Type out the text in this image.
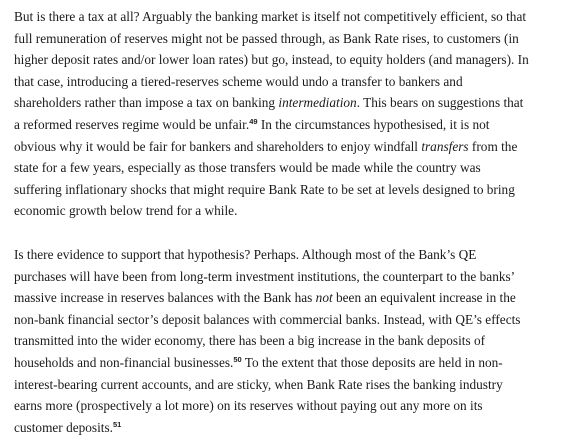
But is there a tax at all? Arguably the banking market is itself not competitively efficient, so that
full remuneration of reserves might not be passed through, as Bank Rate rises, to customers (in
higher deposit rates and/or lower loan rates) but go, instead, to equity holders (and managers). In
that case, introducing a tiered-reserves scheme would undo a transfer to bankers and
shareholders rather than impose a tax on banking intermediation. This bears on suggestions that
a reformed reserves regime would be unfair.$^{49}$ In the circumstances hypothesised, it is not
obvious why it would be fair for bankers and shareholders to enjoy windfall transfers from the
state for a few years, especially as those transfers would be made while the country was
suffering inflationary shocks that might require Bank Rate to be set at levels designed to bring
economic growth below trend for a while.

Is there evidence to support that hypothesis? Perhaps. Although most of the Bank’s QE
purchases will have been from long-term investment institutions, the counterpart to the banks’
massive increase in reserves balances with the Bank has not been an equivalent increase in the
non-bank financial sector’s deposit balances with commercial banks. Instead, with QE’s effects
transmitted into the wider economy, there has been a big increase in the bank deposits of
households and non-financial businesses.$^{50}$ To the extent that those deposits are held in non-
interest-bearing current accounts, and are sticky, when Bank Rate rises the banking industry
earns more (prospectively a lot more) on its reserves without paying out any more on its
customer deposits.$^{51}$
